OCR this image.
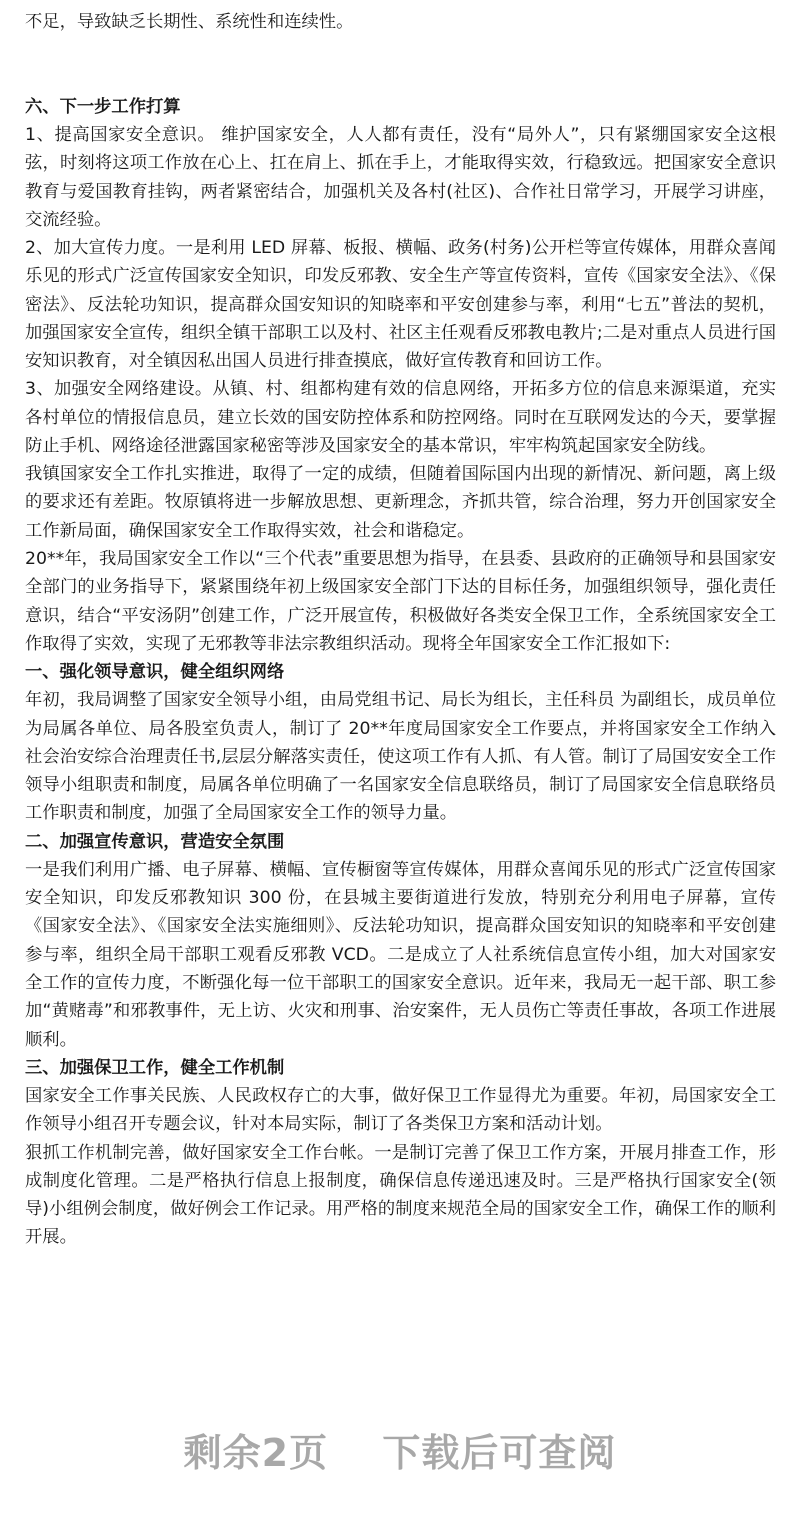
不足，导致缺乏长期性、系统性和连续性。

六、下一步工作打算

1、提高国家安全意识。 维护国家安全，人人都有责任，没有“局外人”，只有紧绷国家安全这根弦，时刻将这项工作放在心上、扛在肩上、抓在手上，才能取得实效，行稳致远。把国家安全意识教育与爱国教育挂钩，两者紧密结合，加强机关及各村(社区)、合作社日常学习，开展学习讲座，交流经验。

2、加大宣传力度。一是利用 LED 屏幕、板报、横幅、政务(村务)公开栏等宣传媒体，用群众喜闻乐见的形式广泛宣传国家安全知识，印发反邪教、安全生产等宣传资料，宣传《国家安全法》、《保密法》、反法轮功知识，提高群众国安知识的知晓率和平安创建参与率，利用“七五”普法的契机，加强国家安全宣传，组织全镇干部职工以及村、社区主任观看反邪教电教片;二是对重点人员进行国安知识教育，对全镇因私出国人员进行排查摸底，做好宣传教育和回访工作。

3、加强安全网络建设。从镇、村、组都构建有效的信息网络，开拓多方位的信息来源渠道，充实各村单位的情报信息员，建立长效的国安防控体系和防控网络。同时在互联网发达的今天，要掌握防止手机、网络途径泄露国家秘密等涉及国家安全的基本常识，牢牢构筑起国家安全防线。

我镇国家安全工作扎实推进，取得了一定的成绩，但随着国际国内出现的新情况、新问题，离上级的要求还有差距。牧原镇将进一步解放思想、更新理念，齐抓共管，综合治理，努力开创国家安全工作新局面，确保国家安全工作取得实效，社会和谐稳定。

20**年，我局国家安全工作以“三个代表”重要思想为指导，在县委、县政府的正确领导和县国家安全部门的业务指导下，紧紧围绕年初上级国家安全部门下达的目标任务，加强组织领导，强化责任意识，结合“平安汤阴”创建工作，广泛开展宣传，积极做好各类安全保卫工作，全系统国家安全工作取得了实效，实现了无邪教等非法宗教组织活动。现将全年国家安全工作汇报如下:

一、强化领导意识，健全组织网络

年初，我局调整了国家安全领导小组，由局党组书记、局长为组长，主任科员 为副组长，成员单位为局属各单位、局各股室负责人，制订了 20**年度局国家安全工作要点，并将国家安全工作纳入社会治安综合治理责任书,层层分解落实责任，使这项工作有人抓、有人管。制订了局国安安全工作领导小组职责和制度，局属各单位明确了一名国家安全信息联络员，制订了局国家安全信息联络员工作职责和制度，加强了全局国家安全工作的领导力量。

二、加强宣传意识，营造安全氛围

一是我们利用广播、电子屏幕、横幅、宣传橱窗等宣传媒体，用群众喜闻乐见的形式广泛宣传国家安全知识，印发反邪教知识 300 份，在县城主要街道进行发放，特别充分利用电子屏幕，宣传《国家安全法》、《国家安全法实施细则》、反法轮功知识，提高群众国安知识的知晓率和平安创建参与率，组织全局干部职工观看反邪教 VCD。二是成立了人社系统信息宣传小组，加大对国家安全工作的宣传力度，不断强化每一位干部职工的国家安全意识。近年来，我局无一起干部、职工参加“黄赌毒”和邪教事件，无上访、火灾和刑事、治安案件，无人员伤亡等责任事故，各项工作进展顺利。

三、加强保卫工作，健全工作机制

国家安全工作事关民族、人民政权存亡的大事，做好保卫工作显得尤为重要。年初，局国家安全工作领导小组召开专题会议，针对本局实际，制订了各类保卫方案和活动计划。

狠抓工作机制完善，做好国家安全工作台帐。一是制订完善了保卫工作方案，开展月排查工作，形成制度化管理。二是严格执行信息上报制度，确保信息传递迅速及时。三是严格执行国家安全(领导)小组例会制度，做好例会工作记录。用严格的制度来规范全局的国家安全工作，确保工作的顺利开展。

剩余2页 下载后可查阅
